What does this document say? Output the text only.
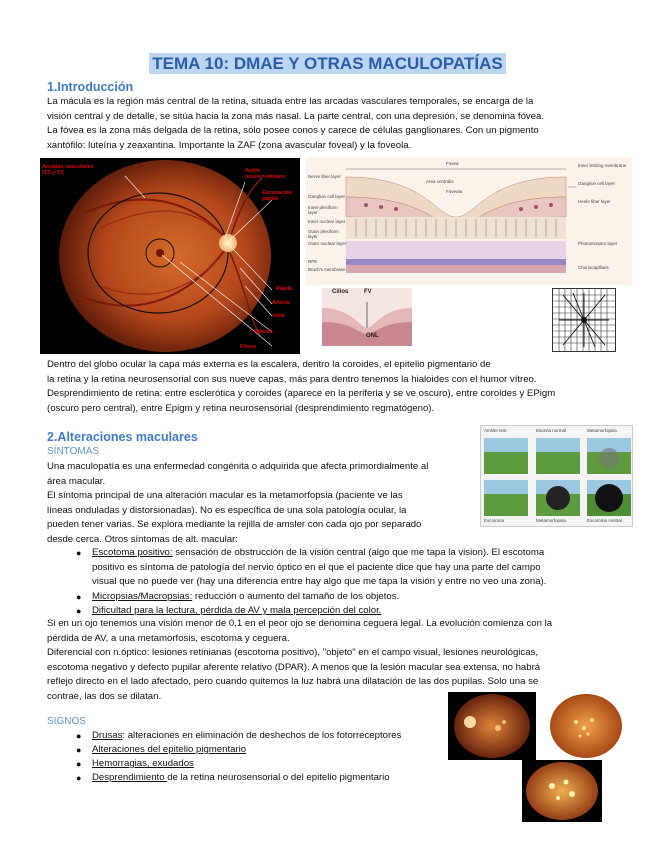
TEMA 10: DMAE Y OTRAS MACULOPATÍAS
1.Introducción
La mácula es la región más central de la retina, situada entre las arcadas vasculares temporales, se encarga de la
visión central y de detalle, se sitúa hacia la zona más nasal. La parte central, con una depresión, se denomina fóvea.
La fóvea es la zona más delgada de la retina, sólo posee conos y carece de células ganglionares. Con un pigmento
xantófilo: luteína y zeaxantina. Importante la ZAF (zona avascular foveal) y la foveola.
Arcadas vasculares
(TS y TI)	Anillo
neurorretiniano
Excavación
papila
Papila
Arteria
Vena
Mácula
Fóvea
Fovea
Area centralis
Foveola
Nerve fiber layer
Ganglion cell layer
Inner plexiform layer
Inner nuclear layer
Outer plexiform layer
Outer nuclear layer
RPE
Bruch's membrane
Inner limiting membrane
Ganglion cell layer
Henle fiber layer
Photoreceptor layer
Choriocapillaris
Cilios	FV
ONL
Dentro del globo ocular la capa más externa es la escalera, dentro la coroides, el epitelio pigmentario de
la retina y la retina neurosensorial con sus nueve capas, más para dentro tenemos la hialoides con el humor vítreo.
Desprendimiento de retina: entre esclerótica y coroides (aparece en la periferia y se ve oscuro), entre coroides y EPigm
(oscuro pero central), entre Epigm y retina neurosensorial (desprendimiento regmatógeno).
2.Alteraciones maculares
SÍNTOMAS
Amsler test	Escena normal	Metamorfopsia
Escotoma	Metamorfopsia	Escotoma central
Una maculopatía es una enfermedad congénita o adquirida que afecta primordialmente al
área macular.
El síntoma principal de una alteración macular es la metamorfopsia (paciente ve las
líneas onduladas y distorsionadas). No es específica de una sola patología ocular, la
pueden tener varias. Se explora mediante la rejilla de amsler con cada ojo por separado
desde cerca. Otros síntomas de alt. macular:
● Escotoma positivo: sensación de obstrucción de la visión central (algo que me tapa la vision). El escotoma
positivo es síntoma de patología del nervio óptico en el que el paciente dice que hay una parte del campo
visual que no puede ver (hay una diferencia entre hay algo que me tapa la visión y entre no veo una zona).
● Micropsias/Macropsias: reducción o aumento del tamaño de los objetos.
● Dificultad para la lectura, pérdida de AV y mala percepción del color.
Si en un ojo tenemos una visión menor de 0,1 en el peor ojo se denomina ceguera legal. La evolución comienza con la
pérdida de AV, a una metamorfosis, escotoma y ceguera.
Diferencial con n.óptico: lesiones retinianas (escotoma positivo), "objeto" en el campo visual, lesiones neurológicas,
escotoma negativo y defecto pupilar aferente relativo (DPAR). A menos que la lesión macular sea extensa, no habrá
reflejo directo en el lado afectado, pero cuando quitemos la luz habrá una dilatación de las dos pupilas. Solo una se
contrae, las dos se dilatan.
SIGNOS
● Drusas: alteraciones en eliminación de deshechos de los fotorreceptores
● Alteraciones del epitelio pigmentario
● Hemorragias, exudados
● Desprendimiento de la retina neurosensorial o del epitelio pigmentario
